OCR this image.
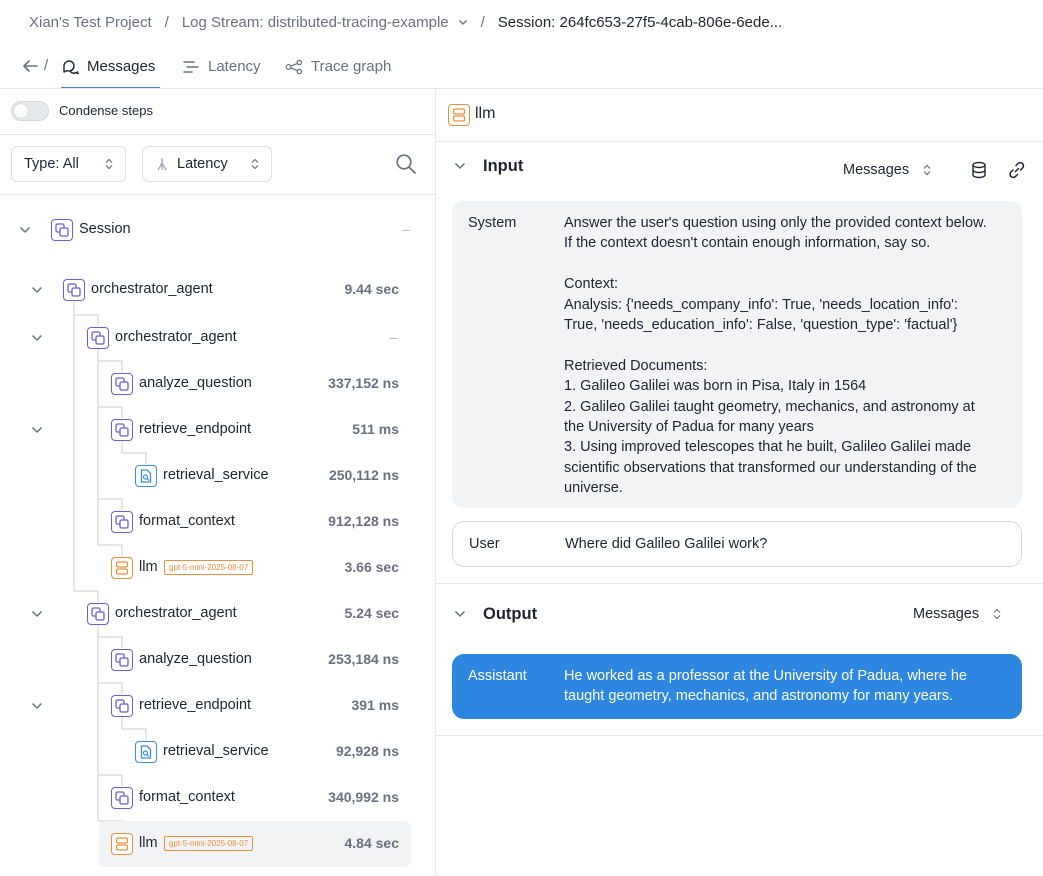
Xian's Test Project / Log Stream: distributed-tracing-example / Session: 264fc653-27f5-4cab-806e-6ede...
/	Messages	Latency	Trace graph
Condense steps
Type: All	Latency
Session	–
orchestrator_agent	9.44 sec
orchestrator_agent	–
analyze_question	337,152 ns
retrieve_endpoint	511 ms
retrieval_service	250,112 ns
format_context	912,128 ns
llm	gpt-5-mini-2025-08-07	3.66 sec
orchestrator_agent	5.24 sec
analyze_question	253,184 ns
retrieve_endpoint	391 ms
retrieval_service	92,928 ns
format_context	340,992 ns
llm	gpt-5-mini-2025-08-07	4.84 sec
llm
Input	Messages
System	Answer the user's question using only the provided context below.
If the context doesn't contain enough information, say so.

Context:
Analysis: {'needs_company_info': True, 'needs_location_info':
True, 'needs_education_info': False, 'question_type': 'factual'}

Retrieved Documents:
1. Galileo Galilei was born in Pisa, Italy in 1564
2. Galileo Galilei taught geometry, mechanics, and astronomy at
the University of Padua for many years
3. Using improved telescopes that he built, Galileo Galilei made
scientific observations that transformed our understanding of the
universe.
User	Where did Galileo Galilei work?
Output	Messages
Assistant	He worked as a professor at the University of Padua, where he
taught geometry, mechanics, and astronomy for many years.
